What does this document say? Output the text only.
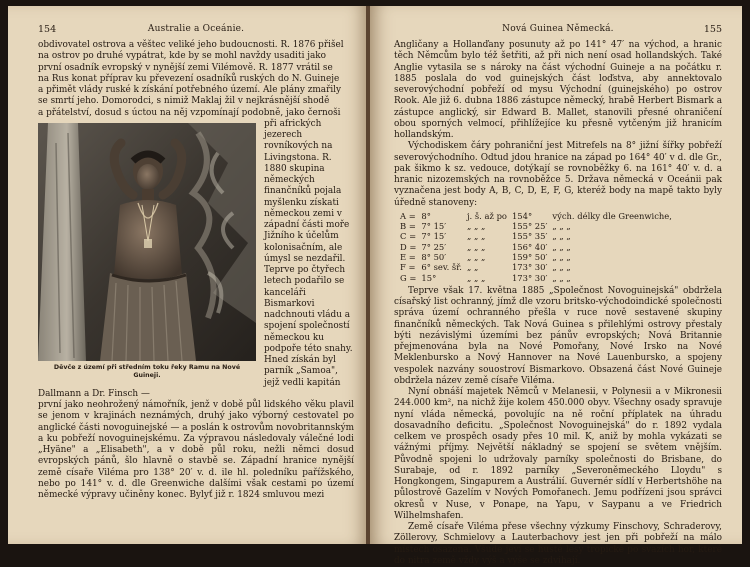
154	Australie a Oceánie.

obdivovatel ostrova a věštec veliké jeho budoucnosti. R. 1876 přišel

na ostrov po druhé vypátrat, kde by se mohl navždy usaditi jako

první osadník evropský v nynější zemi Vilémově. R. 1877 vrátil se

na Rus konat příprav ku převezení osadníků ruských do N. Guineje

a přimět vlády ruské k získání potřebného území. Ale plány zmařily

se smrtí jeho. Domorodci, s nimiž Maklaj žil v nejkrásnější shodě

a přátelství, dosud s úctou na něj vzpomínají podobně, jako černoši

Děvče z území při středním toku řeky Ramu na Nové
Guineji.

při afrických jezerech rovníkových na Livingstona. R. 1880 skupina německých finančníků pojala myšlenku získati německou zemi v západní části moře Jižního k účelům kolonisačním, ale úmysl se nezdařil. Teprve po čtyřech letech podařilo se kanceláři Bismarkovi nadchnouti vládu a spojení společností německou ku podpoře této snahy. Hned získán byl parník „Samoa", jejž vedli kapitán Dallmann a Dr. Finsch —

první jako neohrožený námořník, jenž v době půl lidského věku plavil se jenom v krajinách neznámých, druhý jako výborný cestovatel po anglické části novoguinejské — a poslán k ostrovům novobritannským a ku pobřeží novoguinejskému. Za výpravou následovaly válečné lodi „Hyäne" a „Elisabeth", a v době půl roku, nežli němci dosud evropských pánů, šlo hlavně o stavbě se. Západní hranice nynější země císaře Viléma pro 138° 20′ v. d. ile hl. poledníku pařížského, nebo po 141° v. d. dle Greenwiche dalšími však cestami po území německé výpravy učiněny konec. Bylyť již r. 1824 smluvou mezi

Nová Guinea Německá.	155

Angličany a Hollanďany posunuty až po 141° 47′ na východ, a hranic těch Němcům bylo též šetřiti, až při nich není osad hollandských. Také Anglie vytasila se s nároky na část východní Guineje a na počátku r. 1885 poslala do vod guinejských část loďstva, aby annektovalo severovýchodní pobřeží od mysu Východní (guinejského) po ostrov Rook. Ale již 6. dubna 1886 zástupce německý, hrabě Herbert Bismark a zástupce anglický, sir Edward B. Mallet, stanovili přesné ohraničení obou sporných velmocí, přihlížejíce ku přesně vytčeným již hranicím hollandským.

Východiskem čáry pohraniční jest Mitrefels na 8° jižní šířky pobřeží severovýchodního. Odtud jdou hranice na západ po 164° 40′ v d. dle Gr., pak šikmo k sz. vedouce, dotýkají se rovnoběžky 6. na 161° 40′ v. d. a hranic nizozemských na rovnoběžce 5. Država německá v Oceánii pak vyznačena jest body A, B, C, D, E, F, G, kteréž body na mapě takto byly úředně stanoveny:

A =	8°	j. š. až po	154°	vých. délky dle Greenwiche,
B =	7° 15′	„ „ „	155° 25′	„ „ „
C =	7° 15′	„ „ „	155° 35′	„ „ „
D =	7° 25′	„ „ „	156° 40′	„ „ „
E =	8° 50′	„ „ „	159° 50′	„ „ „
F =	6° sev. šř.	„ „	173° 30′	„ „ „
G =	15°	„ „ „	173° 30′	„ „ „

Teprve však 17. května 1885 „Společnost Novoguinejská" obdržela císařský list ochranný, jímž dle vzoru britsko-východoindické společnosti správa území ochranného přešla v ruce nově sestavené skupiny finančníků německých. Tak Nová Guinea s přilehlými ostrovy přestaly býti nezávislými územími bez pánův evropských; Nová Britannie přejmenována byla na Nové Pomořany, Nové Irsko na Nové Meklenbursko a Nový Hannover na Nové Lauenbursko, a spojeny vespolek nazvány souostroví Bismarkovo. Obsazená část Nové Guineje obdržela název země císaře Viléma.

Nyní obnáší majetek Němců v Melanesii, v Polynesii a v Mikronesii 244.000 km², na nichž žije kolem 450.000 obyv. Všechny osady spravuje nyní vláda německá, povolujíc na ně roční příplatek na úhradu dosavadního deficitu. „Společnost Novoguinejská" do r. 1892 vydala celkem ve prospěch osady přes 10 mil. K, aniž by mohla vykázati se vážnými příjmy. Největší nákladný se spojení se světem vnějším. Původně spojeni lo udržovaly parníky společnosti do Brisbane, do Surabaje, od r. 1892 parníky „Severoněmeckého Lloydu" s Hongkongem, Singapurem a Austrálií. Guvernér sídlí v Herbertshöhe na půlostrově Gazelím v Nových Pomořanech. Jemu podřízeni jsou správci okresů v Nuse, v Ponape, na Yapu, v Saypanu a ve Friedrich Wilhelmshafen.

Země císaře Viléma přese všechny výzkumy Finschovy, Schraderovy, Zöllerovy, Schmielovy a Lauterbachovy jest jen při pobřeží na málo místech osazena. Všude jeví se husté lesy tropické po svazích hor, které do nitra země vždy výš a výše se zdvihají.
